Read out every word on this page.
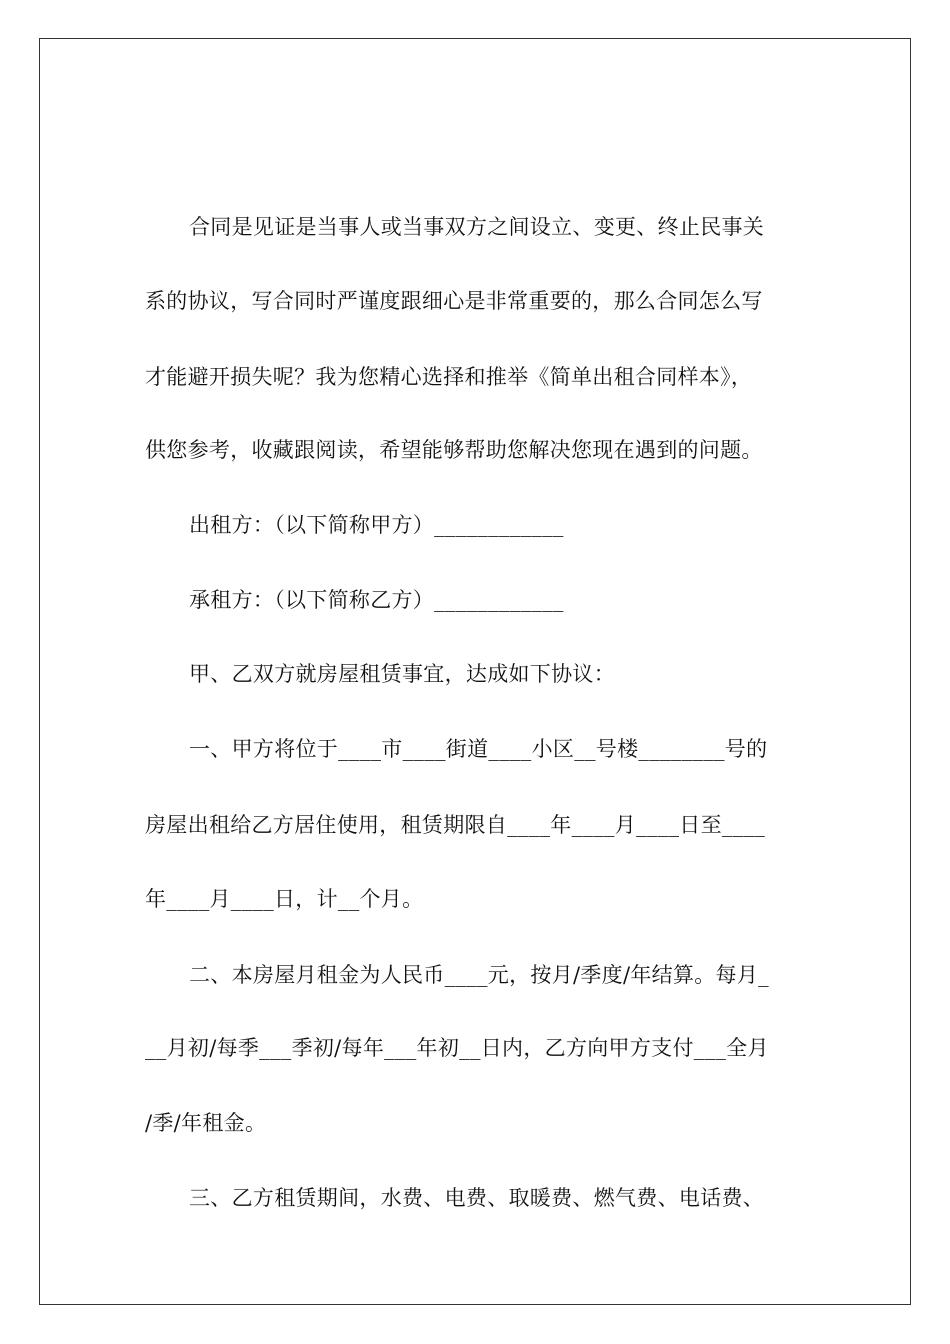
合同是见证是当事人或当事双方之间设立、变更、终止民事关
系的协议，写合同时严谨度跟细心是非常重要的，那么合同怎么写
才能避开损失呢？我为您精心选择和推举《简单出租合同样本》，
供您参考，收藏跟阅读，希望能够帮助您解决您现在遇到的问题。
出租方：（以下简称甲方）____________
承租方：（以下简称乙方）____________
甲、乙双方就房屋租赁事宜，达成如下协议：
一、甲方将位于____市____街道____小区__号楼________号的
房屋出租给乙方居住使用，租赁期限自____年____月____日至____
年____月____日，计__个月。
二、本房屋月租金为人民币____元，按月/季度/年结算。每月_
__月初/每季___季初/每年___年初__日内，乙方向甲方支付___全月
/季/年租金。
三、乙方租赁期间，水费、电费、取暖费、燃气费、电话费、
